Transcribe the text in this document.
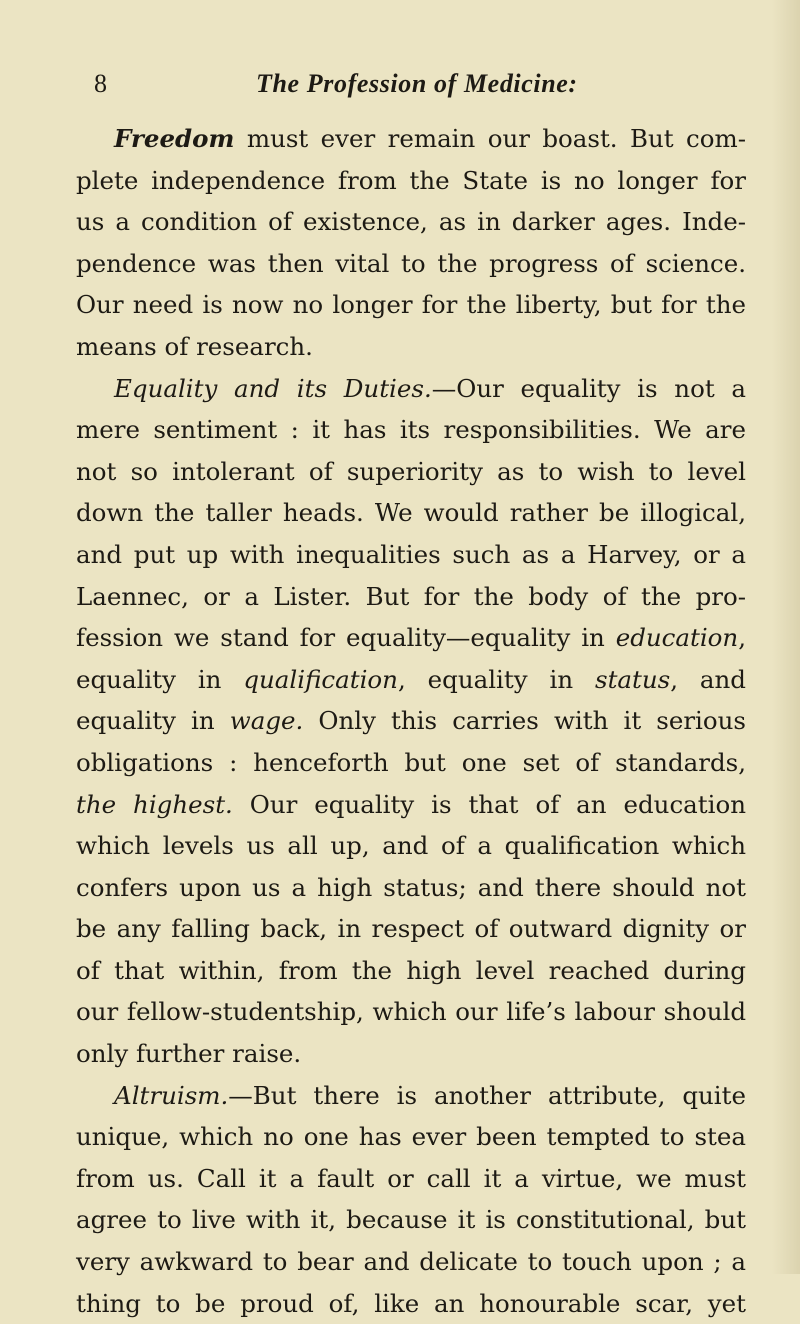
8	The Profession of Medicine:
Freedom must ever remain our boast. But com-
plete independence from the State is no longer for
us a condition of existence, as in darker ages. Inde-
pendence was then vital to the progress of science.
Our need is now no longer for the liberty, but for the
means of research.
Equality and its Duties.—Our equality is not a
mere sentiment : it has its responsibilities. We are
not so intolerant of superiority as to wish to level
down the taller heads. We would rather be illogical,
and put up with inequalities such as a Harvey, or a
Laennec, or a Lister. But for the body of the pro-
fession we stand for equality—equality in education,
equality in qualification, equality in status, and
equality in wage. Only this carries with it serious
obligations : henceforth but one set of standards,
the highest. Our equality is that of an education
which levels us all up, and of a qualification which
confers upon us a high status; and there should not
be any falling back, in respect of outward dignity or
of that within, from the high level reached during
our fellow-studentship, which our life’s labour should
only further raise.
Altruism.—But there is another attribute, quite
unique, which no one has ever been tempted to stea
from us. Call it a fault or call it a virtue, we must
agree to live with it, because it is constitutional, but
very awkward to bear and delicate to touch upon ; a
thing to be proud of, like an honourable scar, yet
